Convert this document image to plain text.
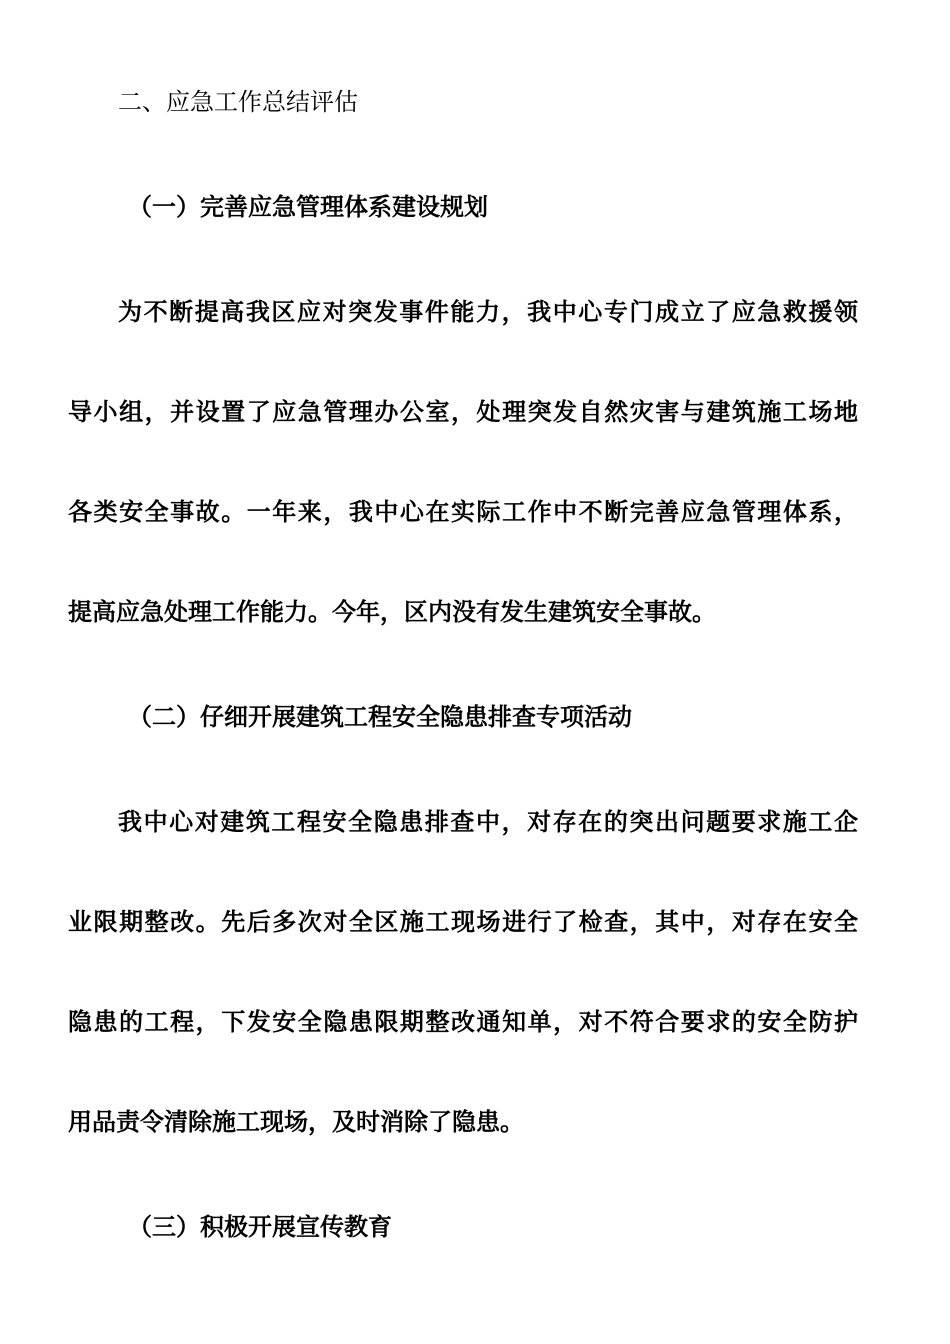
二、应急工作总结评估
（一）完善应急管理体系建设规划
为不断提高我区应对突发事件能力，我中心专门成立了应急救援领
导小组，并设置了应急管理办公室，处理突发自然灾害与建筑施工场地
各类安全事故。一年来，我中心在实际工作中不断完善应急管理体系，
提高应急处理工作能力。今年，区内没有发生建筑安全事故。
（二）仔细开展建筑工程安全隐患排查专项活动
我中心对建筑工程安全隐患排查中，对存在的突出问题要求施工企
业限期整改。先后多次对全区施工现场进行了检查，其中，对存在安全
隐患的工程，下发安全隐患限期整改通知单，对不符合要求的安全防护
用品责令清除施工现场，及时消除了隐患。
（三）积极开展宣传教育
